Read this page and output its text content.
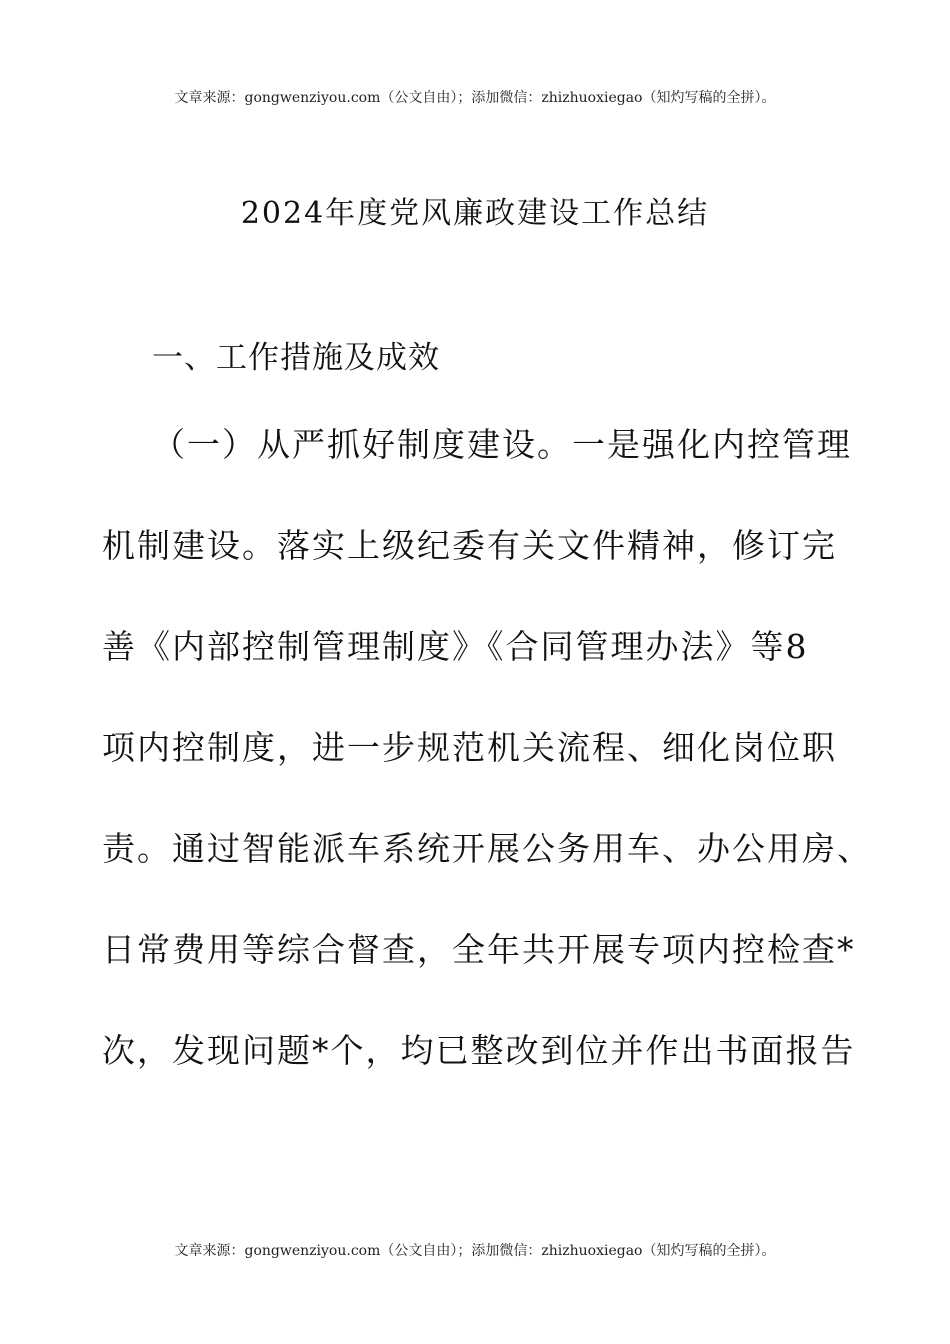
文章来源：gongwenziyou.com（公文自由）；添加微信：zhizhuoxiegao（知灼写稿的全拼）。
2024年度党风廉政建设工作总结
一、工作措施及成效
（一）从严抓好制度建设。一是强化内控管理
机制建设。落实上级纪委有关文件精神，修订完
善《内部控制管理制度》《合同管理办法》等8
项内控制度，进一步规范机关流程、细化岗位职
责。通过智能派车系统开展公务用车、办公用房、
日常费用等综合督查，全年共开展专项内控检查*
次，发现问题*个，均已整改到位并作出书面报告
文章来源：gongwenziyou.com（公文自由）；添加微信：zhizhuoxiegao（知灼写稿的全拼）。
